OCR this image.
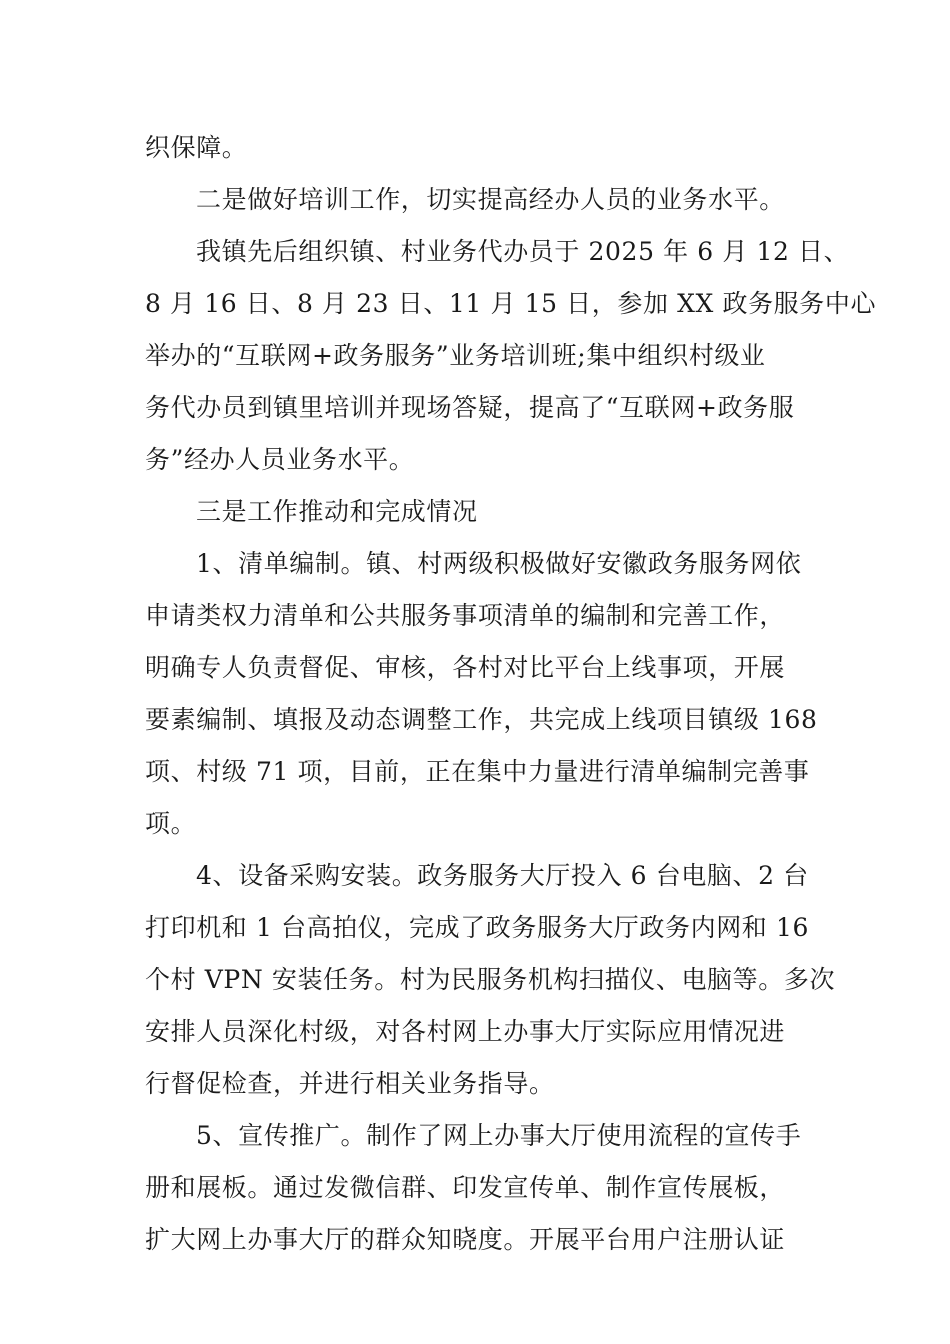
织保障。
二是做好培训工作，切实提高经办人员的业务水平。
我镇先后组织镇、村业务代办员于 2025 年 6 月 12 日、
8 月 16 日、8 月 23 日、11 月 15 日，参加 XX 政务服务中心
举办的“互联网+政务服务”业务培训班;集中组织村级业
务代办员到镇里培训并现场答疑，提高了“互联网+政务服
务”经办人员业务水平。
三是工作推动和完成情况
1、清单编制。镇、村两级积极做好安徽政务服务网依
申请类权力清单和公共服务事项清单的编制和完善工作，
明确专人负责督促、审核，各村对比平台上线事项，开展
要素编制、填报及动态调整工作，共完成上线项目镇级 168
项、村级 71 项，目前，正在集中力量进行清单编制完善事
项。
4、设备采购安装。政务服务大厅投入 6 台电脑、2 台
打印机和 1 台高拍仪，完成了政务服务大厅政务内网和 16
个村 VPN 安装任务。村为民服务机构扫描仪、电脑等。多次
安排人员深化村级，对各村网上办事大厅实际应用情况进
行督促检查，并进行相关业务指导。
5、宣传推广。制作了网上办事大厅使用流程的宣传手
册和展板。通过发微信群、印发宣传单、制作宣传展板，
扩大网上办事大厅的群众知晓度。开展平台用户注册认证
